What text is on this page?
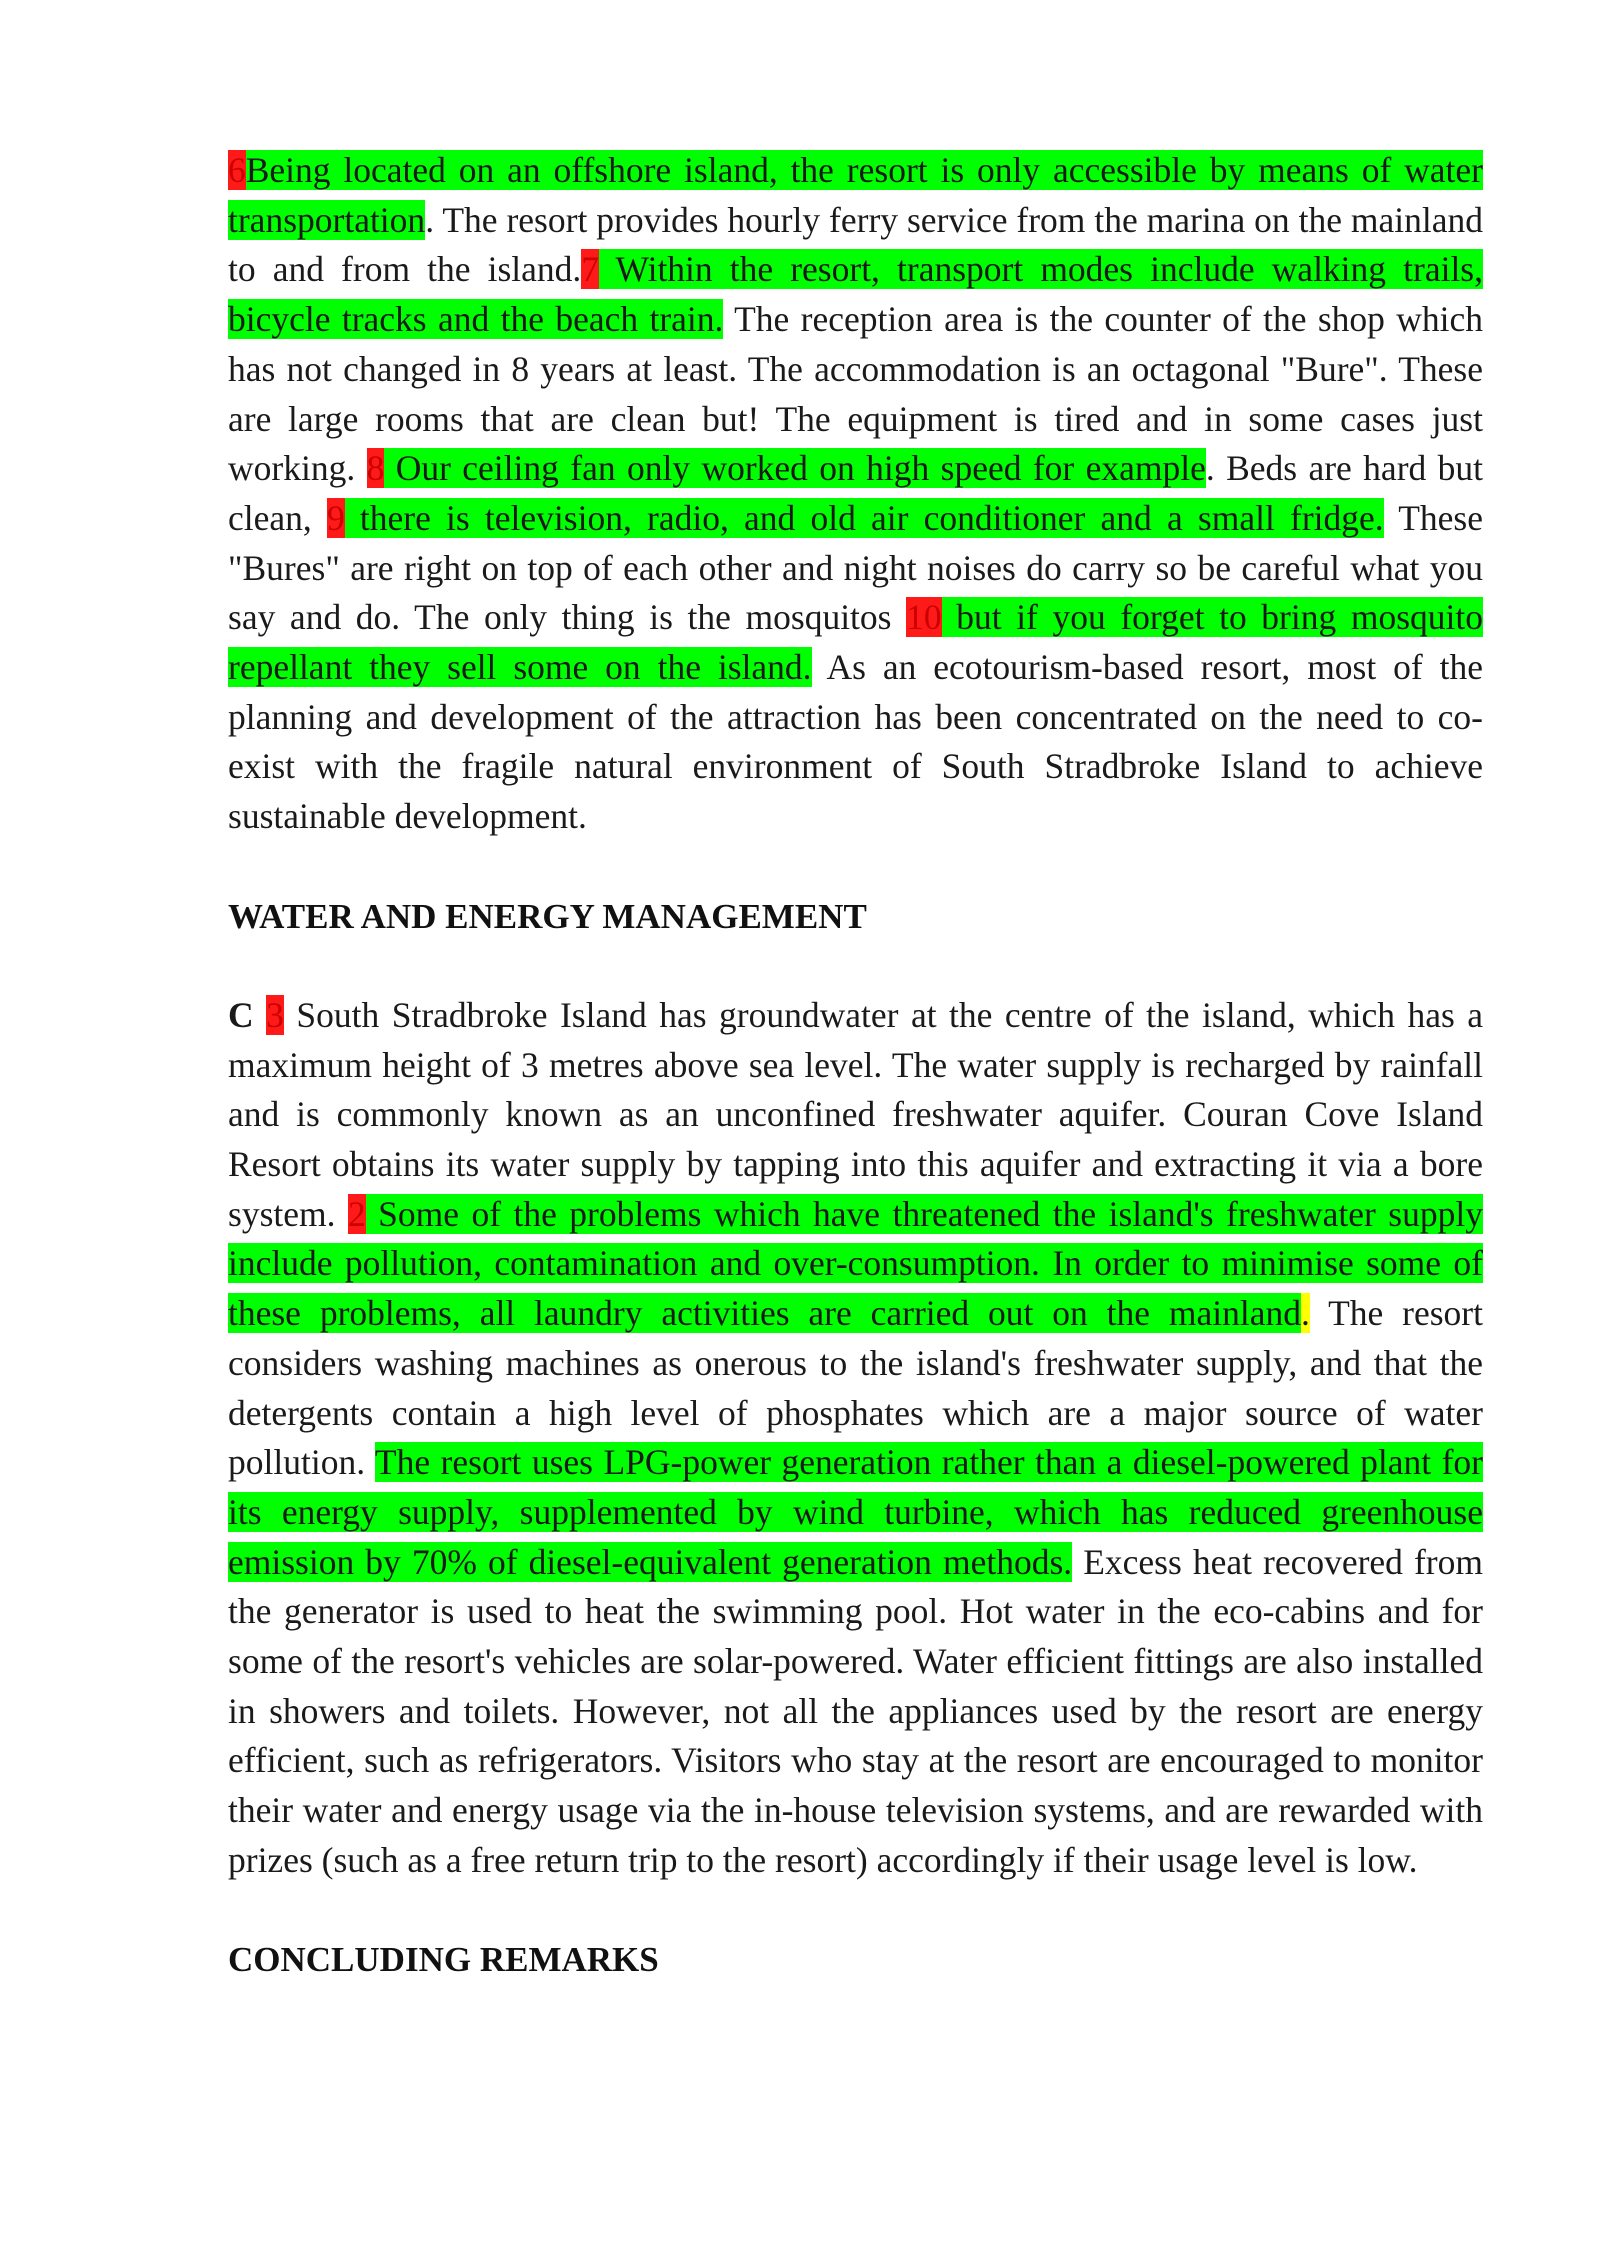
6Being located on an offshore island, the resort is only accessible by means of water transportation. The resort provides hourly ferry service from the marina on the mainland to and from the island.7 Within the resort, transport modes include walking trails, bicycle tracks and the beach train. The reception area is the counter of the shop which has not changed in 8 years at least. The accommodation is an octagonal "Bure". These are large rooms that are clean but! The equipment is tired and in some cases just working. 8 Our ceiling fan only worked on high speed for example. Beds are hard but clean, 9 there is television, radio, and old air conditioner and a small fridge. These "Bures" are right on top of each other and night noises do carry so be careful what you say and do. The only thing is the mosquitos 10 but if you forget to bring mosquito repellant they sell some on the island. As an ecotourism-based resort, most of the planning and development of the attraction has been concentrated on the need to co-exist with the fragile natural environment of South Stradbroke Island to achieve sustainable development.

WATER AND ENERGY MANAGEMENT

C 3 South Stradbroke Island has groundwater at the centre of the island, which has a maximum height of 3 metres above sea level. The water supply is recharged by rainfall and is commonly known as an unconfined freshwater aquifer. Couran Cove Island Resort obtains its water supply by tapping into this aquifer and extracting it via a bore system. 2 Some of the problems which have threatened the island's freshwater supply include pollution, contamination and over-consumption. In order to minimise some of these problems, all laundry activities are carried out on the mainland. The resort considers washing machines as onerous to the island's freshwater supply, and that the detergents contain a high level of phosphates which are a major source of water pollution. The resort uses LPG-power generation rather than a diesel-powered plant for its energy supply, supplemented by wind turbine, which has reduced greenhouse emission by 70% of diesel-equivalent generation methods. Excess heat recovered from the generator is used to heat the swimming pool. Hot water in the eco-cabins and for some of the resort's vehicles are solar-powered. Water efficient fittings are also installed in showers and toilets. However, not all the appliances used by the resort are energy efficient, such as refrigerators. Visitors who stay at the resort are encouraged to monitor their water and energy usage via the in-house television systems, and are rewarded with prizes (such as a free return trip to the resort) accordingly if their usage level is low.

CONCLUDING REMARKS
